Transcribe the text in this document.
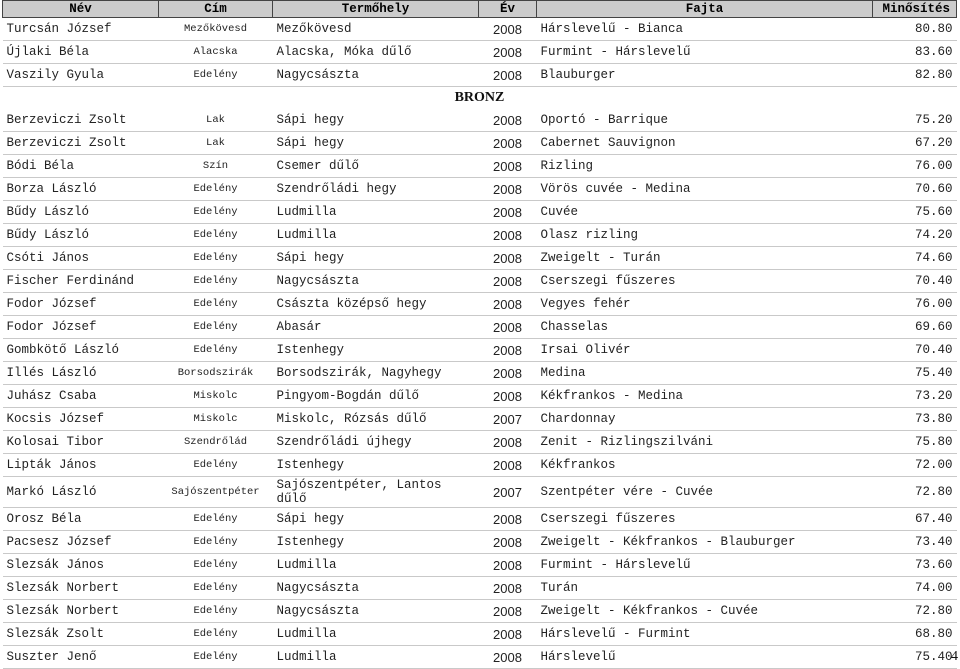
Név	Cím	Termőhely	Év	Fajta	Minősítés
Turcsán József	Mezőkövesd	Mezőkövesd	2008	Hárslevelű - Bianca	80.80
Újlaki Béla	Alacska	Alacska, Móka dűlő	2008	Furmint - Hárslevelű	83.60
Vaszily Gyula	Edelény	Nagycsászta	2008	Blauburger	82.80
BRONZ					
Berzeviczi Zsolt	Lak	Sápi hegy	2008	Oportó - Barrique	75.20
Berzeviczi Zsolt	Lak	Sápi hegy	2008	Cabernet Sauvignon	67.20
Bódi Béla	Szín	Csemer dűlő	2008	Rizling	76.00
Borza László	Edelény	Szendrőládi hegy	2008	Vörös cuvée - Medina	70.60
Bűdy László	Edelény	Ludmilla	2008	Cuvée	75.60
Bűdy László	Edelény	Ludmilla	2008	Olasz rizling	74.20
Csóti János	Edelény	Sápi hegy	2008	Zweigelt - Turán	74.60
Fischer Ferdinánd	Edelény	Nagycsászta	2008	Cserszegi fűszeres	70.40
Fodor József	Edelény	Császta középső hegy	2008	Vegyes fehér	76.00
Fodor József	Edelény	Abasár	2008	Chasselas	69.60
Gombkötő László	Edelény	Istenhegy	2008	Irsai Olivér	70.40
Illés László	Borsodszirák	Borsodszirák, Nagyhegy	2008	Medina	75.40
Juhász Csaba	Miskolc	Pingyom-Bogdán dűlő	2008	Kékfrankos - Medina	73.20
Kocsis József	Miskolc	Miskolc, Rózsás dűlő	2007	Chardonnay	73.80
Kolosai Tibor	Szendrőlád	Szendrőládi újhegy	2008	Zenit - Rizlingszilváni	75.80
Lipták János	Edelény	Istenhegy	2008	Kékfrankos	72.00
Markó László	Sajószentpéter	Sajószentpéter, Lantos dűlő	2007	Szentpéter vére - Cuvée	72.80
Orosz Béla	Edelény	Sápi hegy	2008	Cserszegi fűszeres	67.40
Pacsesz József	Edelény	Istenhegy	2008	Zweigelt - Kékfrankos - Blauburger	73.40
Slezsák János	Edelény	Ludmilla	2008	Furmint - Hárslevelű	73.60
Slezsák Norbert	Edelény	Nagycsászta	2008	Turán	74.00
Slezsák Norbert	Edelény	Nagycsászta	2008	Zweigelt - Kékfrankos - Cuvée	72.80
Slezsák Zsolt	Edelény	Ludmilla	2008	Hárslevelű - Furmint	68.80
Suszter Jenő	Edelény	Ludmilla	2008	Hárslevelű	75.40
4
